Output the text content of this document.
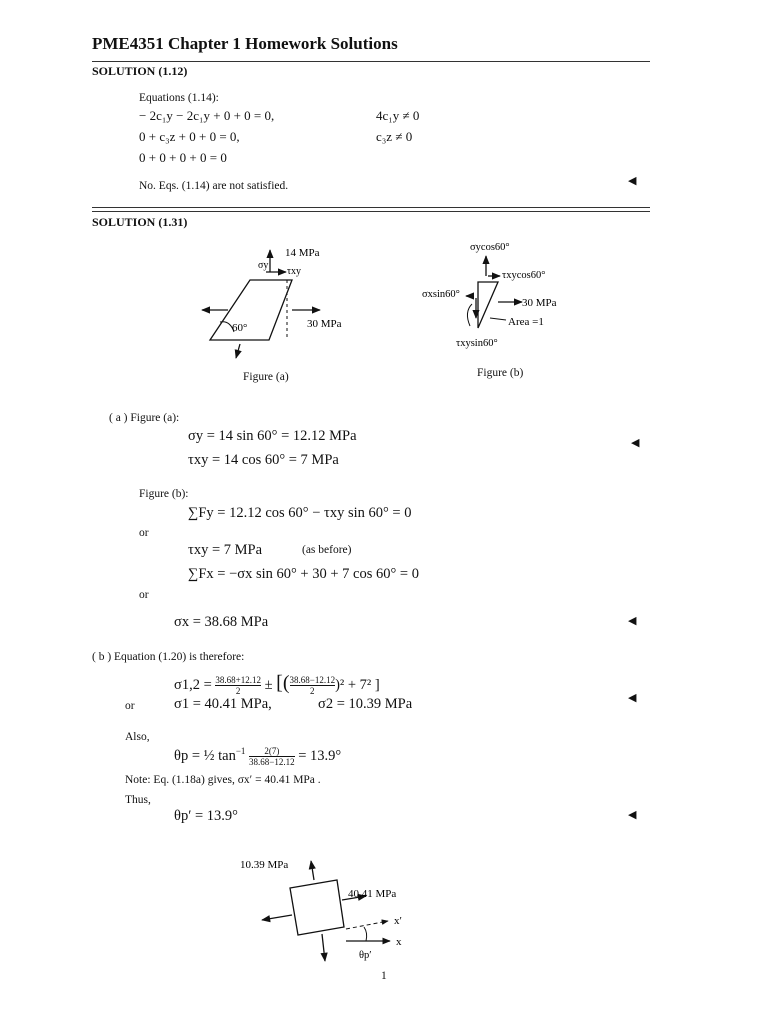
PME4351 Chapter 1 Homework Solutions
SOLUTION (1.12)
Equations (1.14):
− 2c₁y − 2c₁y + 0 + 0 = 0,	4c₁y ≠ 0
0 + c₃z + 0 + 0 = 0,	c₃z ≠ 0
0 + 0 + 0 + 0 = 0
No. Eqs. (1.14) are not satisfied.	◀
SOLUTION (1.31)
14 MPa
σy
τxy
30 MPa
60°
Figure (a)
σycos60°
τxycos60°
σxsin60°
30 MPa
Area =1
τxysin60°
Figure (b)
( a ) Figure (a):
σy = 14 sin 60° = 12.12 MPa	◀
τxy = 14 cos 60° = 7 MPa
Figure (b):
∑Fy = 12.12 cos 60° − τxy sin 60° = 0
or
τxy = 7 MPa	(as before)
∑Fx = −σx sin 60° + 30 + 7 cos 60° = 0
or
σx = 38.68 MPa	◀
( b ) Equation (1.20) is therefore:
$\sigma 1,2 = \frac{38.68+12.12}{2}$ ± [( $\frac{38.68-12.12}{2} )^2 + 7^2$ ]
or	σ1 = 40.41 MPa,	σ2 = 10.39 MPa	◀
Also,
θp = ½ $\tan^{-1} \frac{2(7)}{38.68-12.12} = 13.9^\circ$
Note: Eq. (1.18a) gives, σx′ = 40.41 MPa .
Thus,
θp′ = 13.9°	◀
10.39 MPa
40.41 MPa
x′
x
θp′
1
